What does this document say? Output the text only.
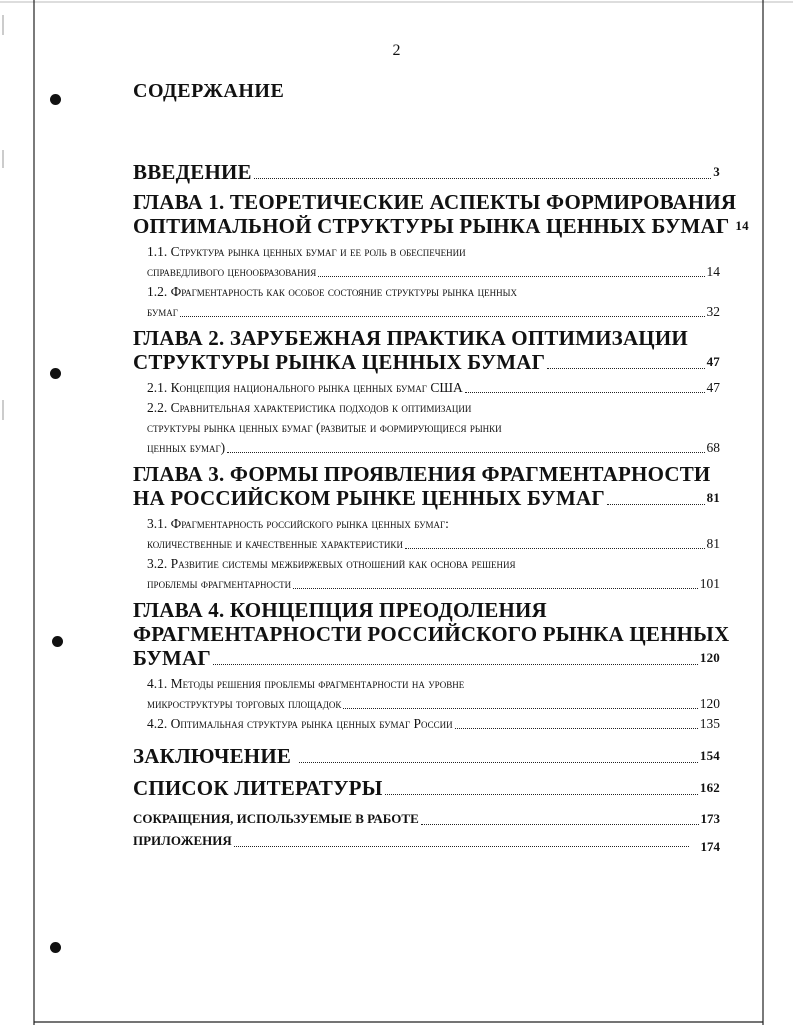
2
СОДЕРЖАНИЕ
ВВЕДЕНИЕ	3
ГЛАВА 1. ТЕОРЕТИЧЕСКИЕ АСПЕКТЫ ФОРМИРОВАНИЯ
ОПТИМАЛЬНОЙ СТРУКТУРЫ РЫНКА ЦЕННЫХ БУМАГ 14
1.1. Структура рынка ценных бумаг и ее роль в обеспечении
справедливого ценообразования	14
1.2. Фрагментарность как особое состояние структуры рынка ценных
бумаг	32
ГЛАВА 2. ЗАРУБЕЖНАЯ ПРАКТИКА ОПТИМИЗАЦИИ
СТРУКТУРЫ РЫНКА ЦЕННЫХ БУМАГ	47
2.1. Концепция национального рынка ценных бумаг США	47
2.2. Сравнительная характеристика подходов к оптимизации
структуры рынка ценных бумаг (развитые и формирующиеся рынки
ценных бумаг)	68
ГЛАВА 3. ФОРМЫ ПРОЯВЛЕНИЯ ФРАГМЕНТАРНОСТИ
НА РОССИЙСКОМ РЫНКЕ ЦЕННЫХ БУМАГ	81
3.1. Фрагментарность российского рынка ценных бумаг:
количественные и качественные характеристики	81
3.2. Развитие системы межбиржевых отношений как основа решения
проблемы фрагментарности	101
ГЛАВА 4. КОНЦЕПЦИЯ ПРЕОДОЛЕНИЯ
ФРАГМЕНТАРНОСТИ РОССИЙСКОГО РЫНКА ЦЕННЫХ
БУМАГ	120
4.1. Методы решения проблемы фрагментарности на уровне
микроструктуры торговых площадок	120
4.2. Оптимальная структура рынка ценных бумаг России	135
ЗАКЛЮЧЕНИЕ	154
СПИСОК ЛИТЕРАТУРЫ	162
СОКРАЩЕНИЯ, ИСПОЛЬЗУЕМЫЕ В РАБОТЕ	173
ПРИЛОЖЕНИЯ	174
